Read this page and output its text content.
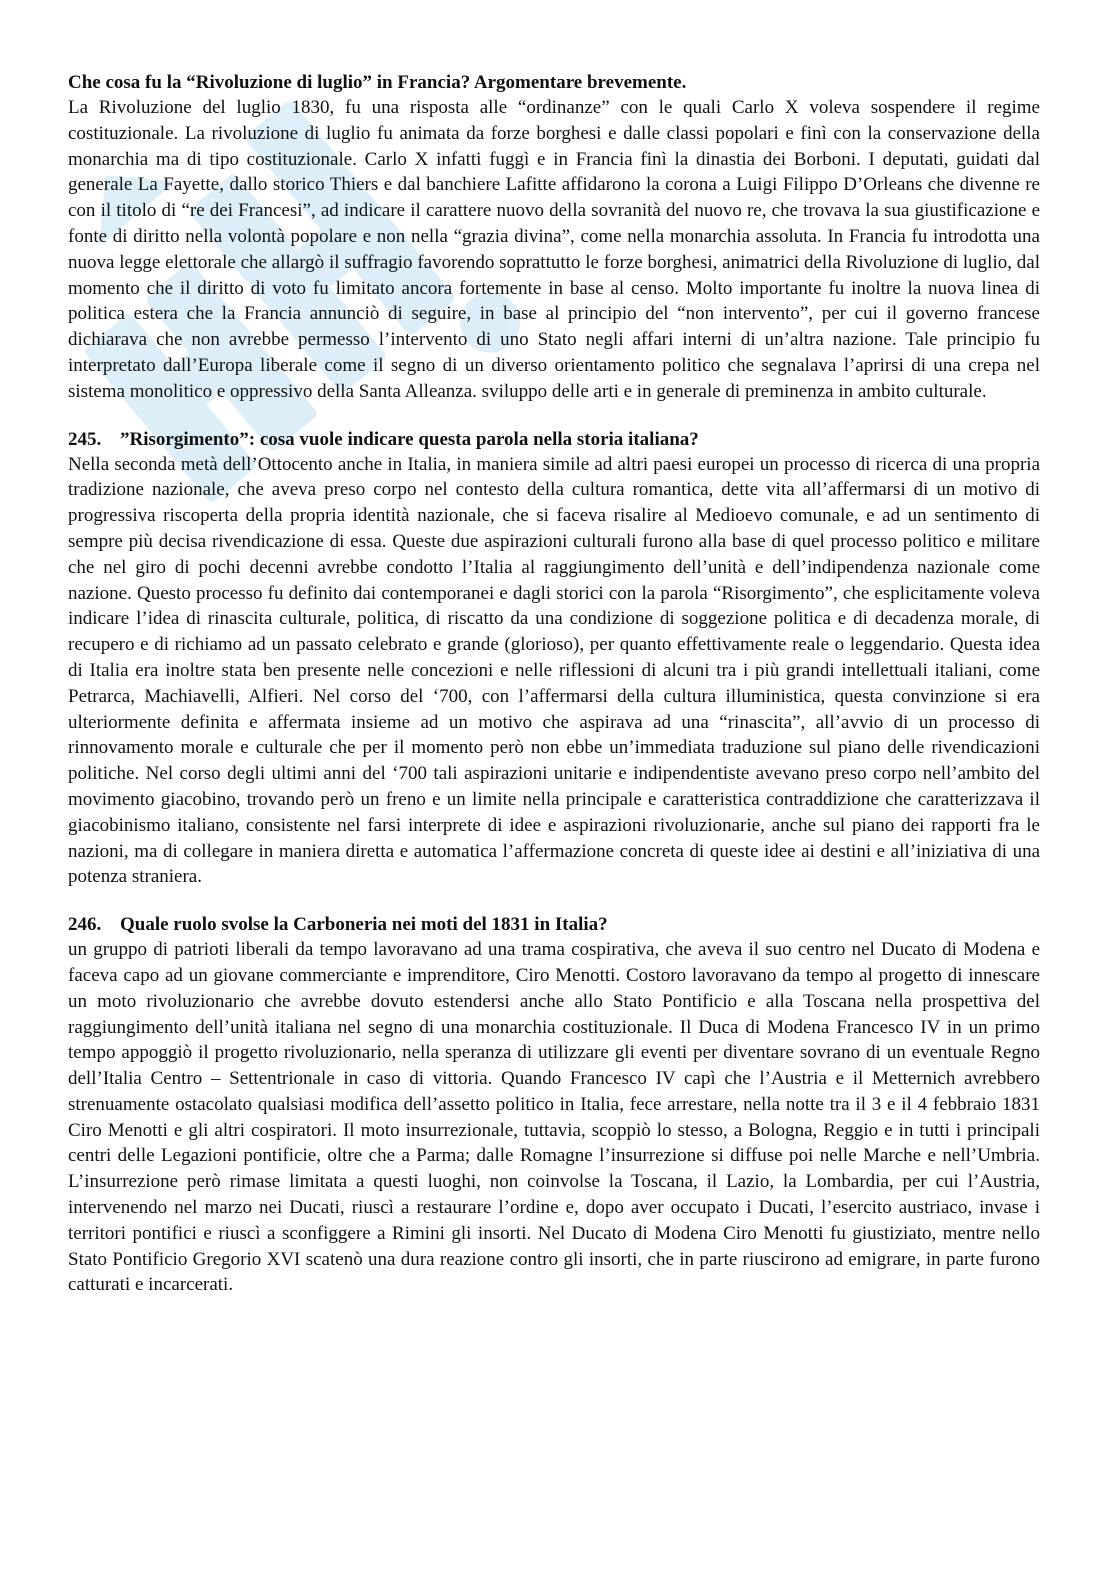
Che cosa fu la “Rivoluzione di luglio” in Francia? Argomentare brevemente.

La Rivoluzione del luglio 1830, fu una risposta alle “ordinanze” con le quali Carlo X voleva sospendere il regime costituzionale. La rivoluzione di luglio fu animata da forze borghesi e dalle classi popolari e finì con la conservazione della monarchia ma di tipo costituzionale. Carlo X infatti fuggì e in Francia finì la dinastia dei Borboni. I deputati, guidati dal generale La Fayette, dallo storico Thiers e dal banchiere Lafitte affidarono la corona a Luigi Filippo D’Orleans che divenne re con il titolo di “re dei Francesi”, ad indicare il carattere nuovo della sovranità del nuovo re, che trovava la sua giustificazione e fonte di diritto nella volontà popolare e non nella “grazia divina”, come nella monarchia assoluta. In Francia fu introdotta una nuova legge elettorale che allargò il suffragio favorendo soprattutto le forze borghesi, animatrici della Rivoluzione di luglio, dal momento che il diritto di voto fu limitato ancora fortemente in base al censo. Molto importante fu inoltre la nuova linea di politica estera che la Francia annunciò di seguire, in base al principio del “non intervento”, per cui il governo francese dichiarava che non avrebbe permesso l’intervento di uno Stato negli affari interni di un’altra nazione. Tale principio fu interpretato dall’Europa liberale come il segno di un diverso orientamento politico che segnalava l’aprirsi di una crepa nel sistema monolitico e oppressivo della Santa Alleanza. sviluppo delle arti e in generale di preminenza in ambito culturale.

245. ”Risorgimento”: cosa vuole indicare questa parola nella storia italiana?

Nella seconda metà dell’Ottocento anche in Italia, in maniera simile ad altri paesi europei un processo di ricerca di una propria tradizione nazionale, che aveva preso corpo nel contesto della cultura romantica, dette vita all’affermarsi di un motivo di progressiva riscoperta della propria identità nazionale, che si faceva risalire al Medioevo comunale, e ad un sentimento di sempre più decisa rivendicazione di essa. Queste due aspirazioni culturali furono alla base di quel processo politico e militare che nel giro di pochi decenni avrebbe condotto l’Italia al raggiungimento dell’unità e dell’indipendenza nazionale come nazione. Questo processo fu definito dai contemporanei e dagli storici con la parola “Risorgimento”, che esplicitamente voleva indicare l’idea di rinascita culturale, politica, di riscatto da una condizione di soggezione politica e di decadenza morale, di recupero e di richiamo ad un passato celebrato e grande (glorioso), per quanto effettivamente reale o leggendario. Questa idea di Italia era inoltre stata ben presente nelle concezioni e nelle riflessioni di alcuni tra i più grandi intellettuali italiani, come Petrarca, Machiavelli, Alfieri. Nel corso del ‘700, con l’affermarsi della cultura illuministica, questa convinzione si era ulteriormente definita e affermata insieme ad un motivo che aspirava ad una “rinascita”, all’avvio di un processo di rinnovamento morale e culturale che per il momento però non ebbe un’immediata traduzione sul piano delle rivendicazioni politiche. Nel corso degli ultimi anni del ‘700 tali aspirazioni unitarie e indipendentiste avevano preso corpo nell’ambito del movimento giacobino, trovando però un freno e un limite nella principale e caratteristica contraddizione che caratterizzava il giacobinismo italiano, consistente nel farsi interprete di idee e aspirazioni rivoluzionarie, anche sul piano dei rapporti fra le nazioni, ma di collegare in maniera diretta e automatica l’affermazione concreta di queste idee ai destini e all’iniziativa di una potenza straniera.

246. Quale ruolo svolse la Carboneria nei moti del 1831 in Italia?

un gruppo di patrioti liberali da tempo lavoravano ad una trama cospirativa, che aveva il suo centro nel Ducato di Modena e faceva capo ad un giovane commerciante e imprenditore, Ciro Menotti. Costoro lavoravano da tempo al progetto di innescare un moto rivoluzionario che avrebbe dovuto estendersi anche allo Stato Pontificio e alla Toscana nella prospettiva del raggiungimento dell’unità italiana nel segno di una monarchia costituzionale. Il Duca di Modena Francesco IV in un primo tempo appoggiò il progetto rivoluzionario, nella speranza di utilizzare gli eventi per diventare sovrano di un eventuale Regno dell’Italia Centro – Settentrionale in caso di vittoria. Quando Francesco IV capì che l’Austria e il Metternich avrebbero strenuamente ostacolato qualsiasi modifica dell’assetto politico in Italia, fece arrestare, nella notte tra il 3 e il 4 febbraio 1831 Ciro Menotti e gli altri cospiratori. Il moto insurrezionale, tuttavia, scoppiò lo stesso, a Bologna, Reggio e in tutti i principali centri delle Legazioni pontificie, oltre che a Parma; dalle Romagne l’insurrezione si diffuse poi nelle Marche e nell’Umbria. L’insurrezione però rimase limitata a questi luoghi, non coinvolse la Toscana, il Lazio, la Lombardia, per cui l’Austria, intervenendo nel marzo nei Ducati, riuscì a restaurare l’ordine e, dopo aver occupato i Ducati, l’esercito austriaco, invase i territori pontifici e riuscì a sconfiggere a Rimini gli insorti. Nel Ducato di Modena Ciro Menotti fu giustiziato, mentre nello Stato Pontificio Gregorio XVI scatenò una dura reazione contro gli insorti, che in parte riuscirono ad emigrare, in parte furono catturati e incarcerati.
